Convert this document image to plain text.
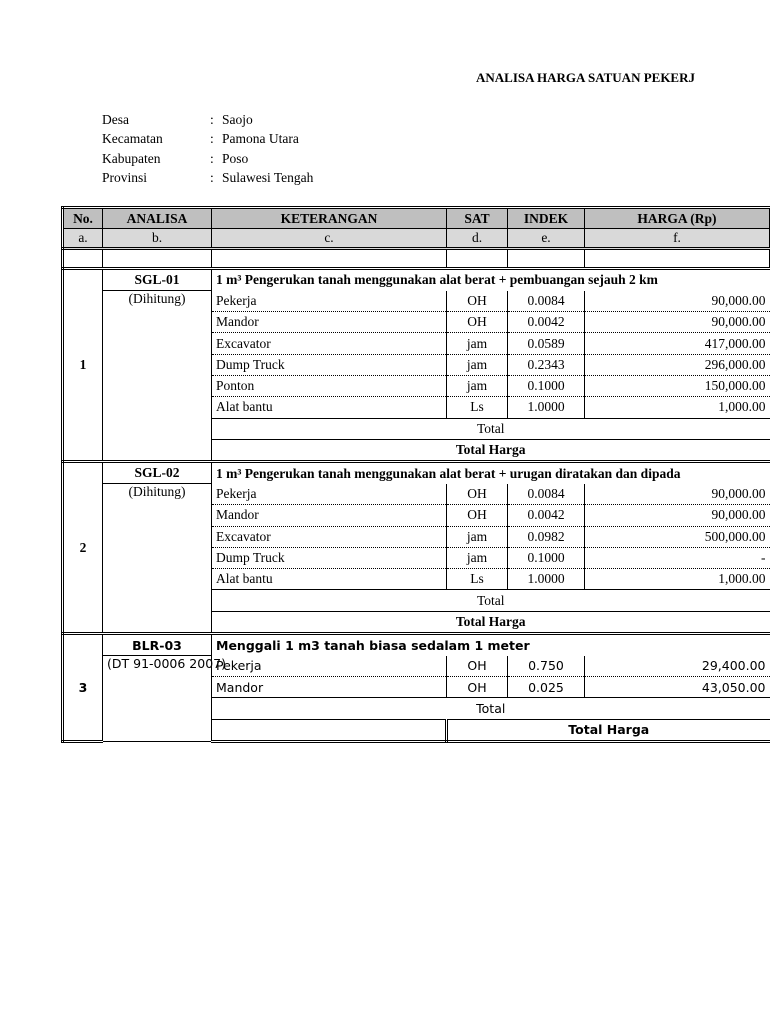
ANALISA HARGA SATUAN PEKERJ
Desa	: Saojo
Kecamatan	: Pamona Utara
Kabupaten	: Poso
Provinsi	: Sulawesi Tengah
No.	ANALISA	KETERANGAN	SAT	INDEK	HARGA (Rp)
a.	b.	c.	d.	e.	f.

1	SGL-01	1 m³ Pengerukan tanah menggunakan alat berat + pembuangan sejauh 2 km			
	(Dihitung)	Pekerja	OH	0.0084	90,000.00
		Mandor	OH	0.0042	90,000.00
		Excavator	jam	0.0589	417,000.00
		Dump Truck	jam	0.2343	296,000.00
		Ponton	jam	0.1000	150,000.00
		Alat bantu	Ls	1.0000	1,000.00
		Total			
		Total Harga			
2	SGL-02	1 m³ Pengerukan tanah menggunakan alat berat + urugan diratakan dan dipada			
	(Dihitung)	Pekerja	OH	0.0084	90,000.00
		Mandor	OH	0.0042	90,000.00
		Excavator	jam	0.0982	500,000.00
		Dump Truck	jam	0.1000	-
		Alat bantu	Ls	1.0000	1,000.00
		Total			
		Total Harga			
3	BLR-03	Menggali 1 m3 tanah biasa sedalam 1 meter			
	(DT 91-0006 2007)	Pekerja	OH	0.750	29,400.00
		Mandor	OH	0.025	43,050.00
		Total			
			Total Harga		
